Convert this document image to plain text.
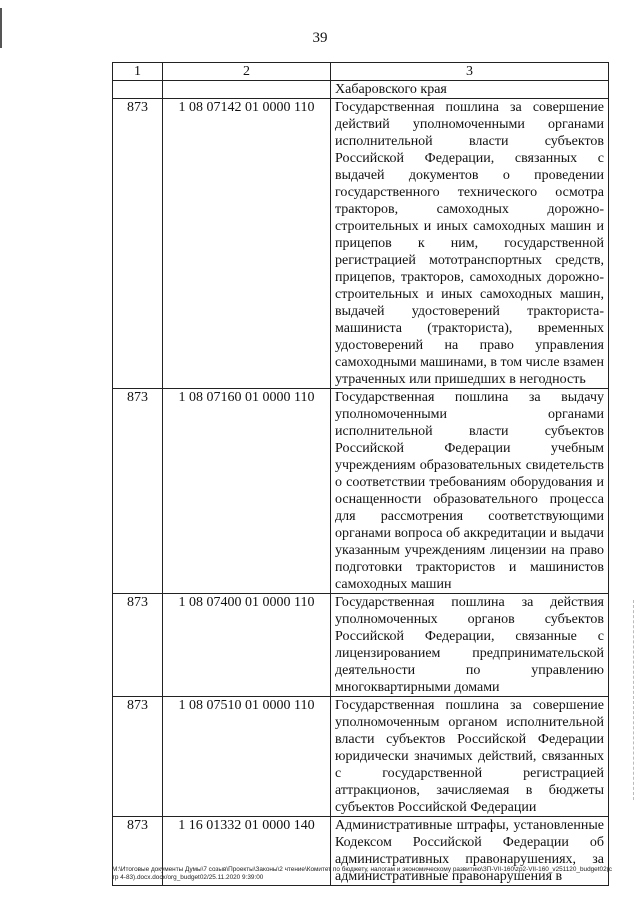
39
1	2	3
		Хабаровского края
873	1 08 07142 01 0000 110	Государственная пошлина за совершение действий уполномоченными органами исполнительной власти субъектов Российской Федерации, связанных с выдачей документов о проведении государственного технического осмотра тракторов, самоходных дорожно-строительных и иных самоходных машин и прицепов к ним, государственной регистрацией мототранспортных средств, прицепов, тракторов, самоходных дорожно-строительных и иных самоходных машин, выдачей удостоверений тракториста-машиниста (тракториста), временных удостоверений на право управления самоходными машинами, в том числе взамен утраченных или пришедших в негодность
873	1 08 07160 01 0000 110	Государственная пошлина за выдачу уполномоченными органами исполнительной власти субъектов Российской Федерации учебным учреждениям образовательных свидетельств о соответствии требованиям оборудования и оснащенности образовательного процесса для рассмотрения соответствующими органами вопроса об аккредитации и выдачи указанным учреждениям лицензии на право подготовки трактористов и машинистов самоходных машин
873	1 08 07400 01 0000 110	Государственная пошлина за действия уполномоченных органов субъектов Российской Федерации, связанные с лицензированием предпринимательской деятельности по управлению многоквартирными домами
873	1 08 07510 01 0000 110	Государственная пошлина за совершение уполномоченным органом исполнительной власти субъектов Российской Федерации юридически значимых действий, связанных с государственной регистрацией аттракционов, зачисляемая в бюджеты субъектов Российской Федерации
873	1 16 01332 01 0000 140	Административные штрафы, установленные Кодексом Российской Федерации об административных правонарушениях, за административные правонарушения в
M:\Итоговые документы Думы\7 созыв\Проекты\Законы\2 чтение\Комитет по бюджету, налогам и экономическому развитию\ЗП-VII-160\zp2-VII-160_v251120_budget02(стр 4-83).docx.docx/org_budget02/25.11.2020 9:39:00
